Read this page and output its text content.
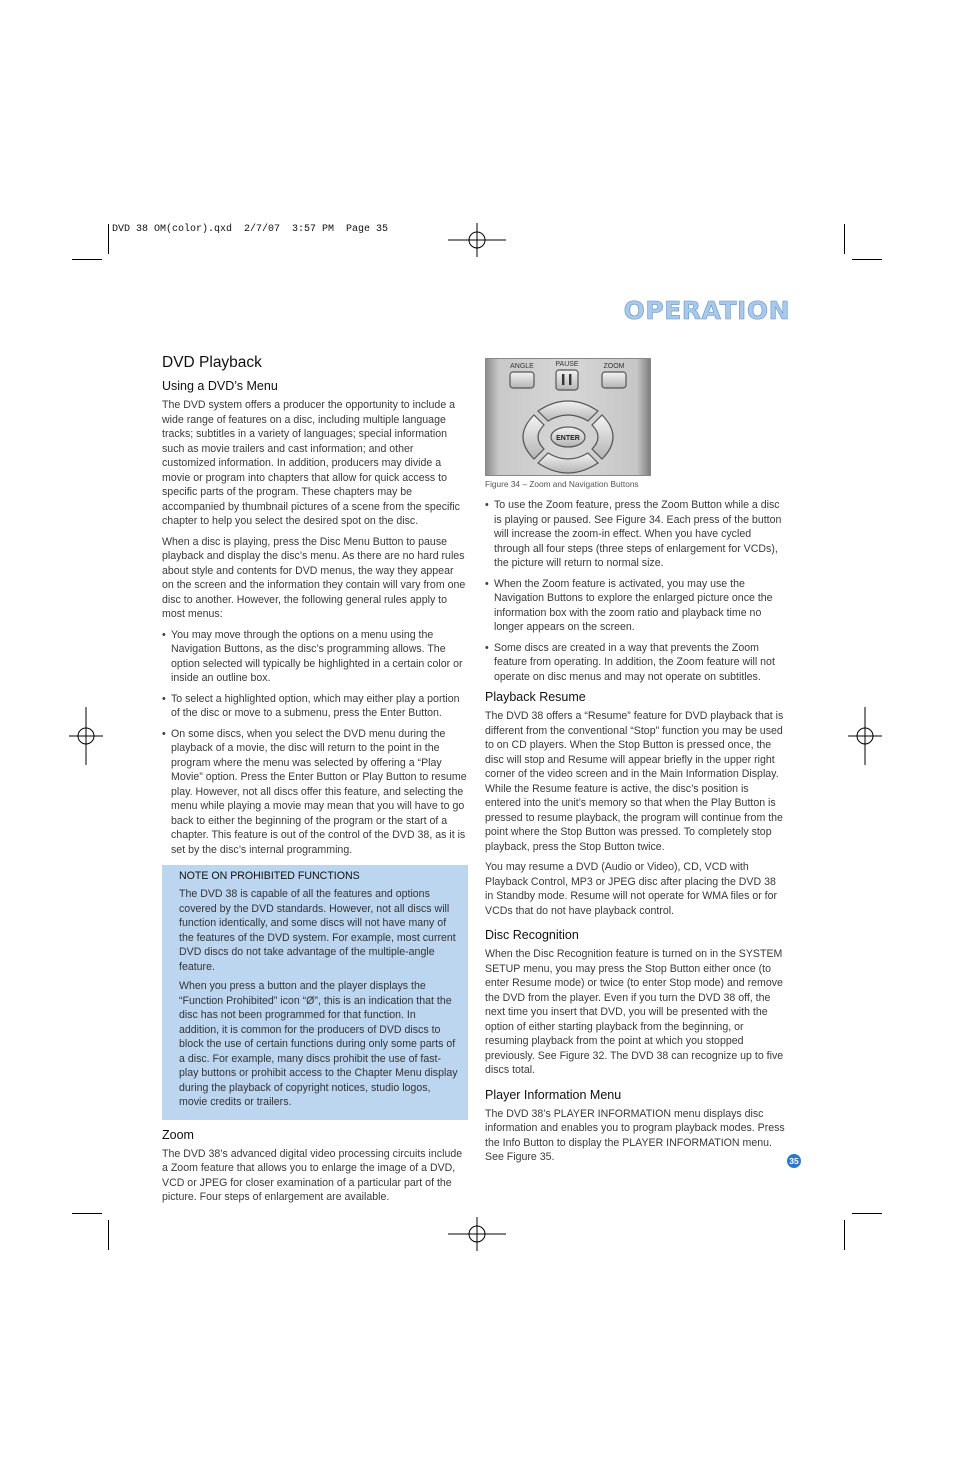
DVD 38 OM(color).qxd  2/7/07  3:57 PM  Page 35
OPERATION
DVD Playback
Using a DVD’s Menu

The DVD system offers a producer the opportunity to include a wide range of features on a disc, including multiple language tracks; subtitles in a variety of languages; special information such as movie trailers and cast information; and other customized information. In addition, producers may divide a movie or program into chapters that allow for quick access to specific parts of the program. These chapters may be accompanied by thumbnail pictures of a scene from the specific chapter to help you select the desired spot on the disc.

When a disc is playing, press the Disc Menu Button to pause playback and display the disc’s menu. As there are no hard rules about style and contents for DVD menus, the way they appear on the screen and the information they contain will vary from one disc to another. However, the following general rules apply to most menus:

• You may move through the options on a menu using the Navigation Buttons, as the disc’s programming allows. The option selected will typically be highlighted in a certain color or inside an outline box.
• To select a highlighted option, which may either play a portion of the disc or move to a submenu, press the Enter Button.
• On some discs, when you select the DVD menu during the playback of a movie, the disc will return to the point in the program where the menu was selected by offering a “Play Movie” option. Press the Enter Button or Play Button to resume play. However, not all discs offer this feature, and selecting the menu while playing a movie may mean that you will have to go back to either the beginning of the program or the start of a chapter. This feature is out of the control of the DVD 38, as it is set by the disc’s internal programming.
NOTE ON PROHIBITED FUNCTIONS

The DVD 38 is capable of all the features and options covered by the DVD standards. However, not all discs will function identically, and some discs will not have many of the features of the DVD system. For example, most current DVD discs do not take advantage of the multiple-angle feature.

When you press a button and the player displays the “Function Prohibited” icon “Ø”, this is an indication that the disc has not been programmed for that function. In addition, it is common for the producers of DVD discs to block the use of certain functions during only some parts of a disc. For example, many discs prohibit the use of fast-play buttons or prohibit access to the Chapter Menu display during the playback of copyright notices, studio logos, movie credits or trailers.

Zoom

The DVD 38’s advanced digital video processing circuits include a Zoom feature that allows you to enlarge the image of a DVD, VCD or JPEG for closer examination of a particular part of the picture. Four steps of enlargement are available.

ANGLE	PAUSE	ZOOM
ENTER
Figure 34 – Zoom and Navigation Buttons
• To use the Zoom feature, press the Zoom Button while a disc is playing or paused. See Figure 34. Each press of the button will increase the zoom-in effect. When you have cycled through all four steps (three steps of enlargement for VCDs), the picture will return to normal size.
• When the Zoom feature is activated, you may use the Navigation Buttons to explore the enlarged picture once the information box with the zoom ratio and playback time no longer appears on the screen.
• Some discs are created in a way that prevents the Zoom feature from operating. In addition, the Zoom feature will not operate on disc menus and may not operate on subtitles.
Playback Resume

The DVD 38 offers a “Resume” feature for DVD playback that is different from the conventional “Stop” function you may be used to on CD players. When the Stop Button is pressed once, the disc will stop and Resume will appear briefly in the upper right corner of the video screen and in the Main Information Display. While the Resume feature is active, the disc’s position is entered into the unit’s memory so that when the Play Button is pressed to resume playback, the program will continue from the point where the Stop Button was pressed. To completely stop playback, press the Stop Button twice.

You may resume a DVD (Audio or Video), CD, VCD with Playback Control, MP3 or JPEG disc after placing the DVD 38 in Standby mode. Resume will not operate for WMA files or for VCDs that do not have playback control.

Disc Recognition

When the Disc Recognition feature is turned on in the SYSTEM SETUP menu, you may press the Stop Button either once (to enter Resume mode) or twice (to enter Stop mode) and remove the DVD from the player. Even if you turn the DVD 38 off, the next time you insert that DVD, you will be presented with the option of either starting playback from the beginning, or resuming playback from the point at which you stopped previously. See Figure 32. The DVD 38 can recognize up to five discs total.

Player Information Menu

The DVD 38’s PLAYER INFORMATION menu displays disc information and enables you to program playback modes. Press the Info Button to display the PLAYER INFORMATION menu. See Figure 35.	35
